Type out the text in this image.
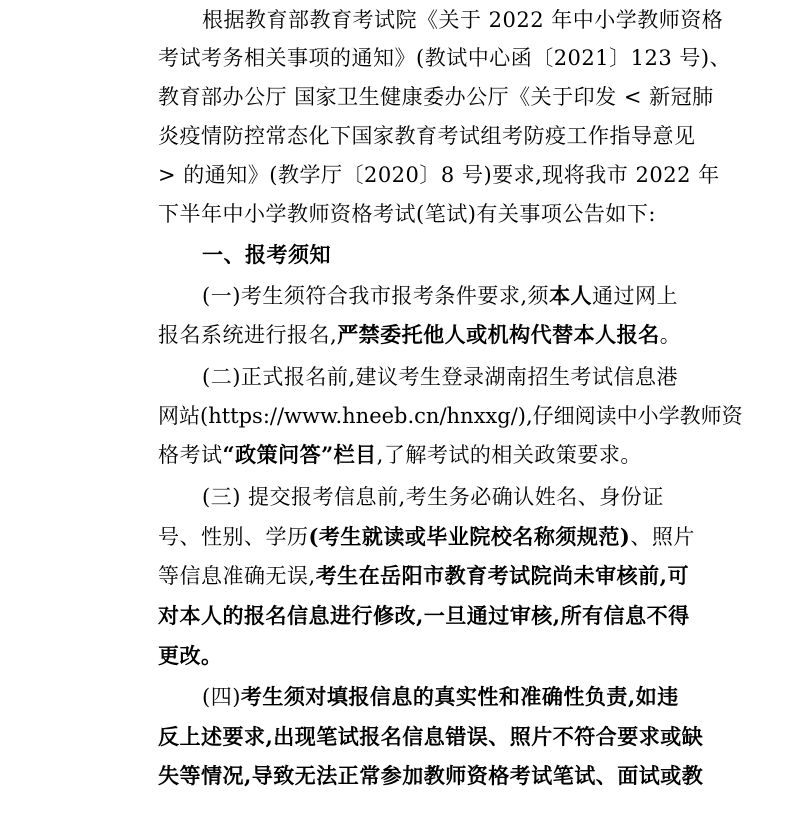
根据教育部教育考试院《关于 2022 年中小学教师资格
考试考务相关事项的通知》(教试中心函〔2021〕123 号)、
教育部办公厅 国家卫生健康委办公厅《关于印发 < 新冠肺
炎疫情防控常态化下国家教育考试组考防疫工作指导意见
> 的通知》(教学厅〔2020〕8 号)要求,现将我市 2022 年
下半年中小学教师资格考试(笔试)有关事项公告如下:
一、报考须知
(一)考生须符合我市报考条件要求,须本人通过网上
报名系统进行报名,严禁委托他人或机构代替本人报名。
(二)正式报名前,建议考生登录湖南招生考试信息港
网站(https://www.hneeb.cn/hnxxg/),仔细阅读中小学教师资
格考试“政策问答”栏目,了解考试的相关政策要求。
(三) 提交报考信息前,考生务必确认姓名、身份证
号、性别、学历(考生就读或毕业院校名称须规范)、照片
等信息准确无误,考生在岳阳市教育考试院尚未审核前,可
对本人的报名信息进行修改,一旦通过审核,所有信息不得
更改。
(四)考生须对填报信息的真实性和准确性负责,如违
反上述要求,出现笔试报名信息错误、照片不符合要求或缺
失等情况,导致无法正常参加教师资格考试笔试、面试或教
